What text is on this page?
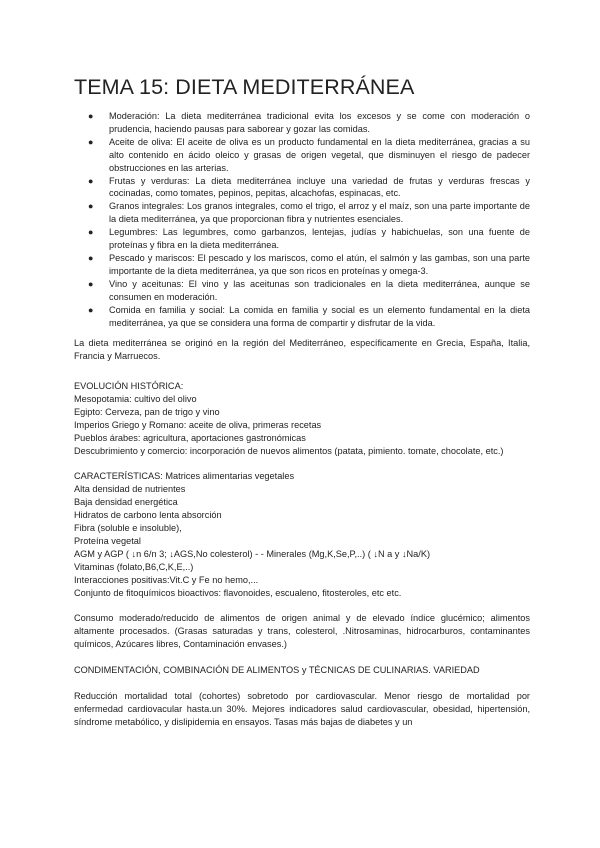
TEMA 15: DIETA MEDITERRÁNEA
● Moderación: La dieta mediterránea tradicional evita los excesos y se come con moderación o prudencia, haciendo pausas para saborear y gozar las comidas.
● Aceite de oliva: El aceite de oliva es un producto fundamental en la dieta mediterránea, gracias a su alto contenido en ácido oleico y grasas de origen vegetal, que disminuyen el riesgo de padecer obstrucciones en las arterias.
● Frutas y verduras: La dieta mediterránea incluye una variedad de frutas y verduras frescas y cocinadas, como tomates, pepinos, pepitas, alcachofas, espinacas, etc.
● Granos integrales: Los granos integrales, como el trigo, el arroz y el maíz, son una parte importante de la dieta mediterránea, ya que proporcionan fibra y nutrientes esenciales.
● Legumbres: Las legumbres, como garbanzos, lentejas, judías y habichuelas, son una fuente de proteínas y fibra en la dieta mediterránea.
● Pescado y mariscos: El pescado y los mariscos, como el atún, el salmón y las gambas, son una parte importante de la dieta mediterránea, ya que son ricos en proteínas y omega-3.
● Vino y aceitunas: El vino y las aceitunas son tradicionales en la dieta mediterránea, aunque se consumen en moderación.
● Comida en familia y social: La comida en familia y social es un elemento fundamental en la dieta mediterránea, ya que se considera una forma de compartir y disfrutar de la vida.

La dieta mediterránea se originó en la región del Mediterráneo, específicamente en Grecia, España, Italia, Francia y Marruecos.

EVOLUCIÓN HISTÓRICA:

Mesopotamia: cultivo del olivo

Egipto: Cerveza, pan de trigo y vino

Imperios Griego y Romano: aceite de oliva, primeras recetas

Pueblos árabes: agricultura, aportaciones gastronómicas

Descubrimiento y comercio: incorporación de nuevos alimentos (patata, pimiento. tomate, chocolate, etc.)

CARACTERÍSTICAS: Matrices alimentarias vegetales

Alta densidad de nutrientes

Baja densidad energética

Hidratos de carbono lenta absorción

Fibra (soluble e insoluble),

Proteína vegetal

AGM y AGP ( ↓n 6/n 3; ↓AGS,No colesterol) - - Minerales (Mg,K,Se,P,..) ( ↓N a y ↓Na/K)

Vitaminas (folato,B6,C,K,E,..)

Interacciones positivas:Vit.C y Fe no hemo,...

Conjunto de fitoquímicos bioactivos: flavonoides, escualeno, fitosteroles, etc etc.

Consumo moderado/reducido de alimentos de origen animal y de elevado índice glucémico; alimentos altamente procesados. (Grasas saturadas y trans, colesterol, .Nitrosaminas, hidrocarburos, contaminantes químicos, Azúcares libres, Contaminación envases.)

CONDIMENTACIÓN, COMBINACIÓN DE ALIMENTOS y TÉCNICAS DE CULINARIAS. VARIEDAD

Reducción mortalidad total (cohortes) sobretodo por cardiovascular. Menor riesgo de mortalidad por enfermedad cardiovacular hasta.un 30%. Mejores indicadores salud cardiovascular, obesidad, hipertensión, síndrome metabólico, y dislipidemia en ensayos. Tasas más bajas de diabetes y un
